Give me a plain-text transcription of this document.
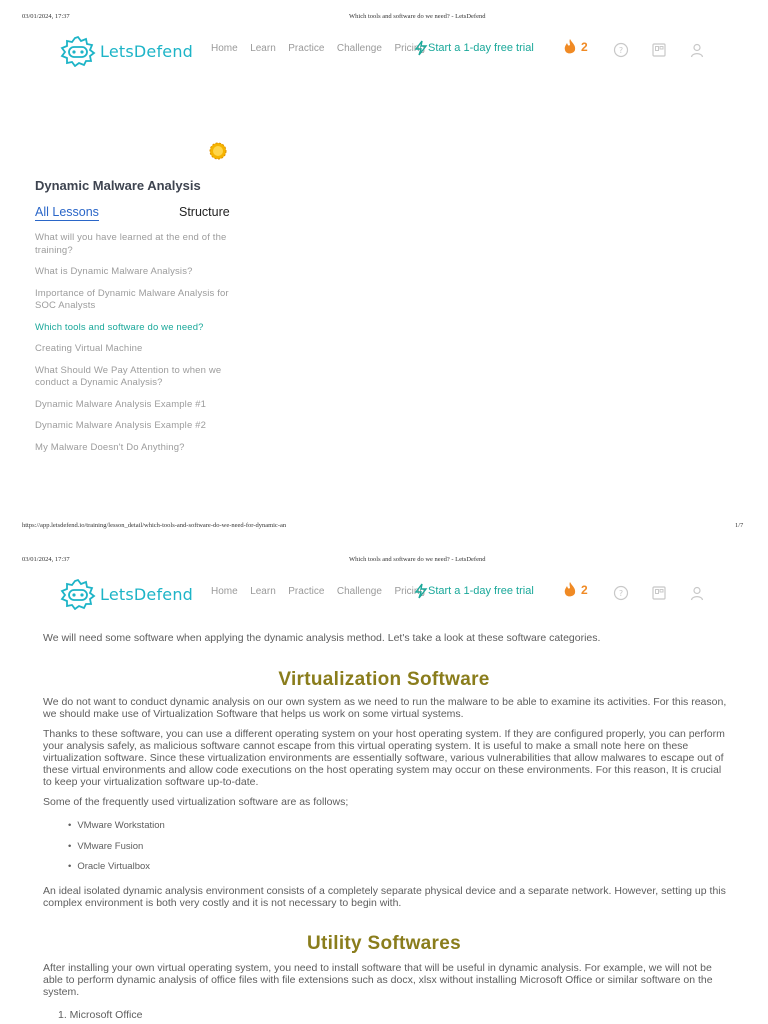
03/01/2024, 17:37	Which tools and software do we need? - LetsDefend
LetsDefend Home Learn Practice Challenge Pricing Start a 1-day free trial	2	?
Dynamic Malware Analysis
All Lessons	Structure
What will you have learned at the end of the training?
What is Dynamic Malware Analysis?
Importance of Dynamic Malware Analysis for SOC Analysts
Which tools and software do we need?
Creating Virtual Machine
What Should We Pay Attention to when we conduct a Dynamic Analysis?
Dynamic Malware Analysis Example #1
Dynamic Malware Analysis Example #2
My Malware Doesn't Do Anything?
https://app.letsdefend.io/training/lesson_detail/which-tools-and-software-do-we-need-for-dynamic-an	1/7
03/01/2024, 17:37	Which tools and software do we need? - LetsDefend
LetsDefend Home Learn Practice Challenge Pricing Start a 1-day free trial	2	?
We will need some software when applying the dynamic analysis method. Let's take a look at these software categories.
Virtualization Software
We do not want to conduct dynamic analysis on our own system as we need to run the malware to be able to examine its activities. For this reason, we should make use of Virtualization Software that helps us work on some virtual systems.
Thanks to these software, you can use a different operating system on your host operating system. If they are configured properly, you can perform your analysis safely, as malicious software cannot escape from this virtual operating system. It is useful to make a small note here on these virtualization software. Since these virtualization environments are essentially software, various vulnerabilities that allow malwares to escape out of these virtual environments and allow code executions on the host operating system may occur on these environments. For this reason, It is crucial to keep your virtualization software up-to-date.
Some of the frequently used virtualization software are as follows;
• VMware Workstation
• VMware Fusion
• Oracle Virtualbox
An ideal isolated dynamic analysis environment consists of a completely separate physical device and a separate network. However, setting up this complex environment is both very costly and it is not necessary to begin with.
Utility Softwares
After installing your own virtual operating system, you need to install software that will be useful in dynamic analysis. For example, we will not be able to perform dynamic analysis of office files with file extensions such as docx, xlsx without installing Microsoft Office or similar software on the system.
1. Microsoft Office
